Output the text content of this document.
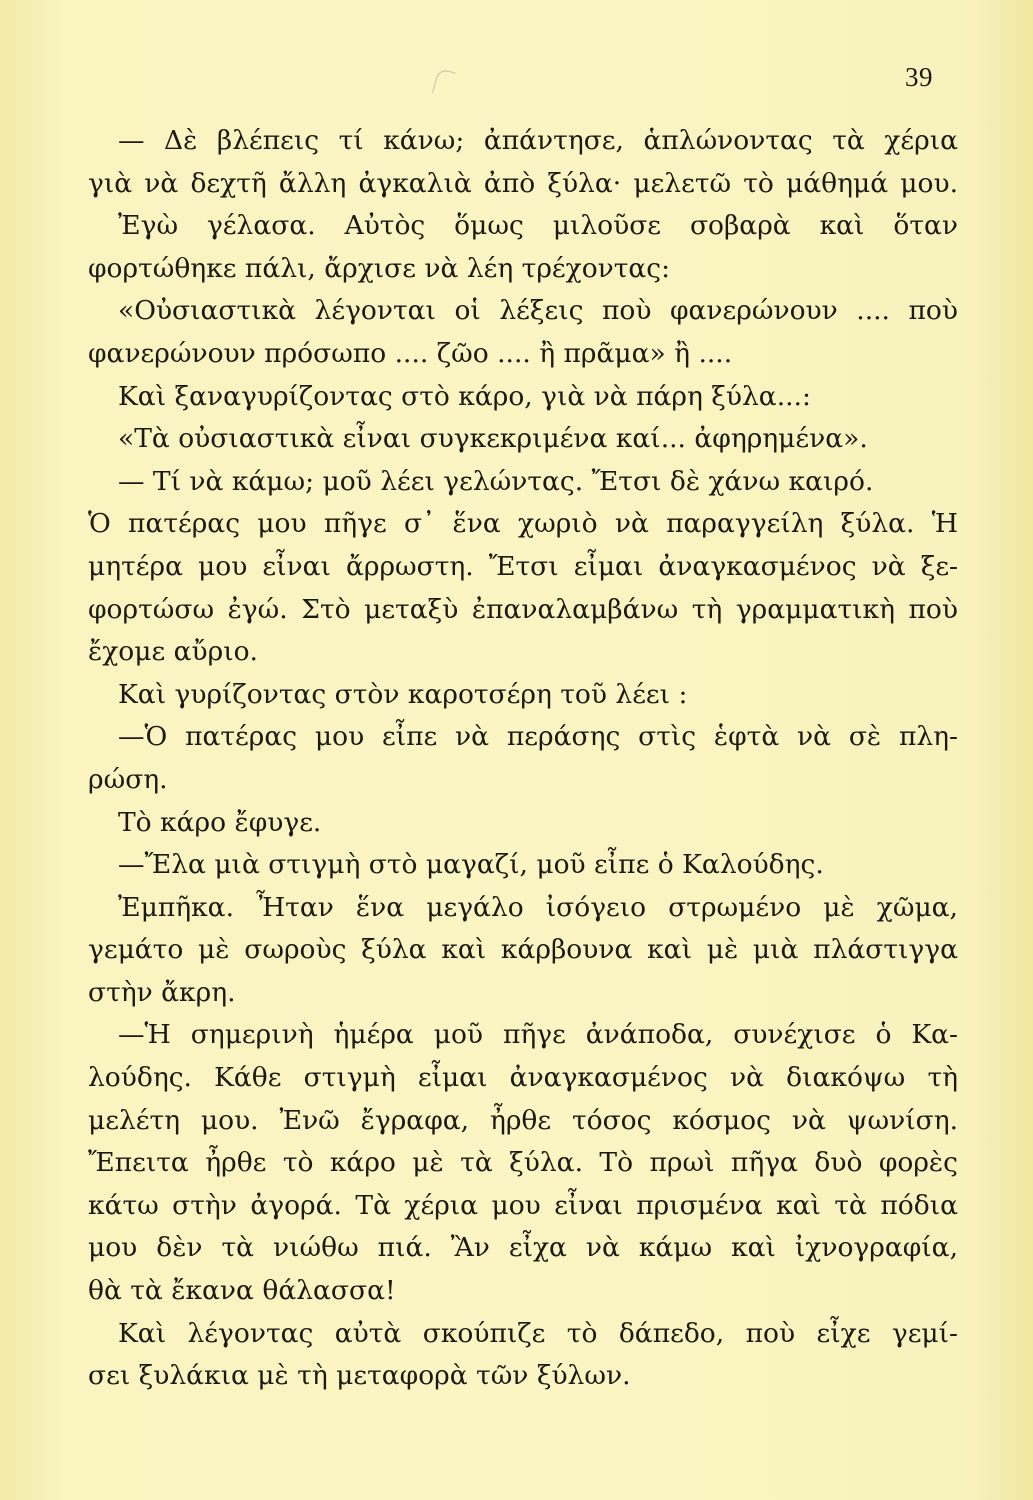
39
— Δὲ βλέπεις τί κάνω; ἀπάντησε, ἁπλώνοντας τὰ χέρια
γιὰ νὰ δεχτῆ ἄλλη ἀγκαλιὰ ἀπὸ ξύλα· μελετῶ τὸ μάθημά μου.
Ἐγὼ γέλασα. Αὐτὸς ὅμως μιλοῦσε σοβαρὰ καὶ ὅταν
φορτώθηκε πάλι, ἄρχισε νὰ λέη τρέχοντας:
«Οὐσιαστικὰ λέγονται οἱ λέξεις ποὺ φανερώνουν .... ποὺ
φανερώνουν πρόσωπο .... ζῶο .... ἢ πρᾶμα» ἢ ....
Καὶ ξαναγυρίζοντας στὸ κάρο, γιὰ νὰ πάρη ξύλα...:
«Τὰ οὐσιαστικὰ εἶναι συγκεκριμένα καί... ἀφηρημένα».
— Τί νὰ κάμω; μοῦ λέει γελώντας. Ἔτσι δὲ χάνω καιρό.
Ὁ πατέρας μου πῆγε σ᾿ ἕνα χωριὸ νὰ παραγγείλη ξύλα. Ἡ
μητέρα μου εἶναι ἄρρωστη. Ἔτσι εἶμαι ἀναγκασμένος νὰ ξε-
φορτώσω ἐγώ. Στὸ μεταξὺ ἐπαναλαμβάνω τὴ γραμματικὴ ποὺ
ἔχομε αὔριο.
Καὶ γυρίζοντας στὸν καροτσέρη τοῦ λέει :
—Ὁ πατέρας μου εἶπε νὰ περάσης στὶς ἑφτὰ νὰ σὲ πλη-
ρώση.
Τὸ κάρο ἔφυγε.
—Ἔλα μιὰ στιγμὴ στὸ μαγαζί, μοῦ εἶπε ὁ Καλούδης.
Ἐμπῆκα. Ἦταν ἕνα μεγάλο ἰσόγειο στρωμένο μὲ χῶμα,
γεμάτο μὲ σωροὺς ξύλα καὶ κάρβουνα καὶ μὲ μιὰ πλάστιγγα
στὴν ἄκρη.
—Ἡ σημερινὴ ἡμέρα μοῦ πῆγε ἀνάποδα, συνέχισε ὁ Κα-
λούδης. Κάθε στιγμὴ εἶμαι ἀναγκασμένος νὰ διακόψω τὴ
μελέτη μου. Ἐνῶ ἔγραφα, ἦρθε τόσος κόσμος νὰ ψωνίση.
Ἔπειτα ἦρθε τὸ κάρο μὲ τὰ ξύλα. Τὸ πρωὶ πῆγα δυὸ φορὲς
κάτω στὴν ἀγορά. Τὰ χέρια μου εἶναι πρισμένα καὶ τὰ πόδια
μου δὲν τὰ νιώθω πιά. Ἂν εἶχα νὰ κάμω καὶ ἰχνογραφία,
θὰ τὰ ἔκανα θάλασσα!
Καὶ λέγοντας αὐτὰ σκούπιζε τὸ δάπεδο, ποὺ εἶχε γεμί-
σει ξυλάκια μὲ τὴ μεταφορὰ τῶν ξύλων.
